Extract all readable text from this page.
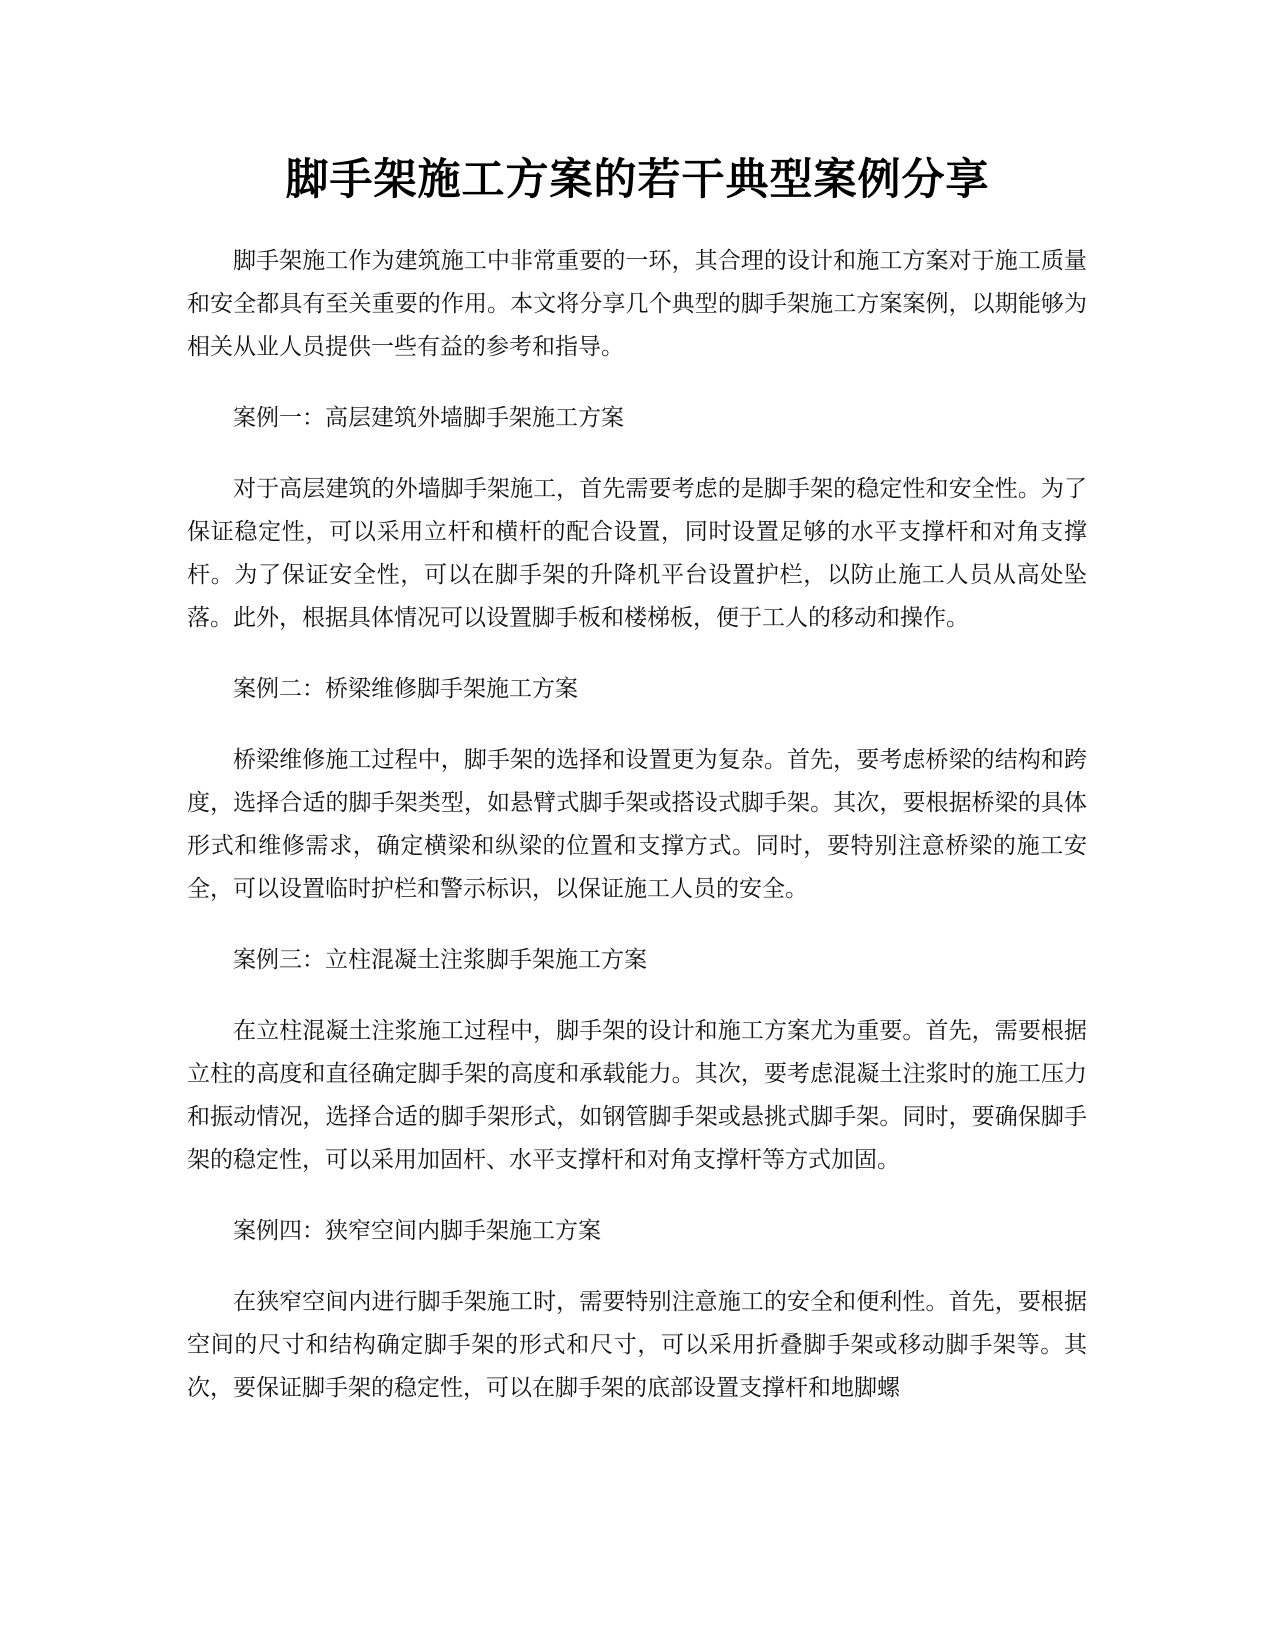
脚手架施工方案的若干典型案例分享

脚手架施工作为建筑施工中非常重要的一环，其合理的设计和施工方案对于施工质量和安全都具有至关重要的作用。本文将分享几个典型的脚手架施工方案案例，以期能够为相关从业人员提供一些有益的参考和指导。

案例一：高层建筑外墙脚手架施工方案

对于高层建筑的外墙脚手架施工，首先需要考虑的是脚手架的稳定性和安全性。为了保证稳定性，可以采用立杆和横杆的配合设置，同时设置足够的水平支撑杆和对角支撑杆。为了保证安全性，可以在脚手架的升降机平台设置护栏，以防止施工人员从高处坠落。此外，根据具体情况可以设置脚手板和楼梯板，便于工人的移动和操作。

案例二：桥梁维修脚手架施工方案

桥梁维修施工过程中，脚手架的选择和设置更为复杂。首先，要考虑桥梁的结构和跨度，选择合适的脚手架类型，如悬臂式脚手架或搭设式脚手架。其次，要根据桥梁的具体形式和维修需求，确定横梁和纵梁的位置和支撑方式。同时，要特别注意桥梁的施工安全，可以设置临时护栏和警示标识，以保证施工人员的安全。

案例三：立柱混凝土注浆脚手架施工方案

在立柱混凝土注浆施工过程中，脚手架的设计和施工方案尤为重要。首先，需要根据立柱的高度和直径确定脚手架的高度和承载能力。其次，要考虑混凝土注浆时的施工压力和振动情况，选择合适的脚手架形式，如钢管脚手架或悬挑式脚手架。同时，要确保脚手架的稳定性，可以采用加固杆、水平支撑杆和对角支撑杆等方式加固。

案例四：狭窄空间内脚手架施工方案

在狭窄空间内进行脚手架施工时，需要特别注意施工的安全和便利性。首先，要根据空间的尺寸和结构确定脚手架的形式和尺寸，可以采用折叠脚手架或移动脚手架等。其次，要保证脚手架的稳定性，可以在脚手架的底部设置支撑杆和地脚螺
